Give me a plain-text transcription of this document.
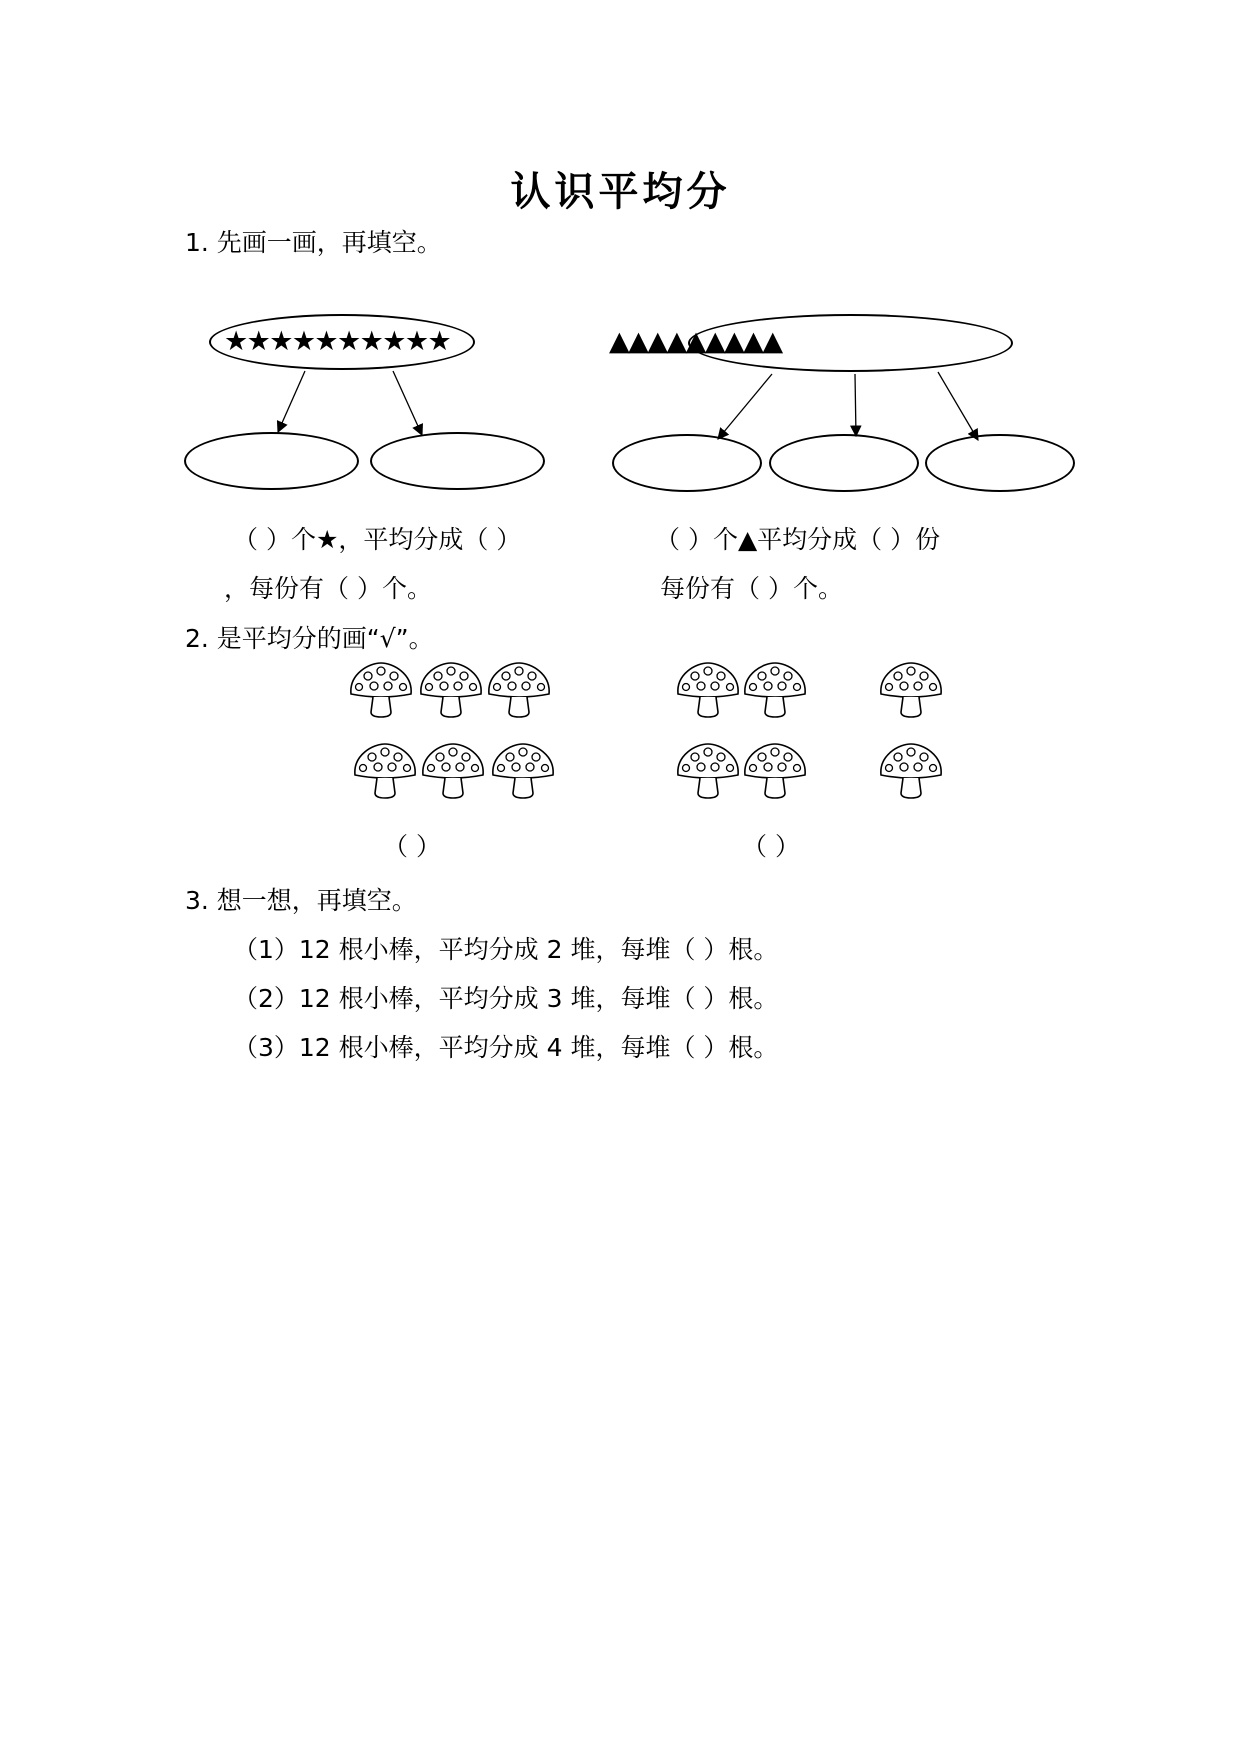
认识平均分
1. 先画一画，再填空。
★★★★★★★★★★	▲▲▲▲▲▲▲▲▲
（ ）个★，平均分成（ ）
，每份有（ ）个。
（ ）个▲平均分成（ ）份
每份有（ ）个。
2. 是平均分的画“√”。
（ ）	（ ）
3. 想一想，再填空。
（1）12 根小棒，平均分成 2 堆，每堆（ ）根。
（2）12 根小棒，平均分成 3 堆，每堆（ ）根。
（3）12 根小棒，平均分成 4 堆，每堆（ ）根。
